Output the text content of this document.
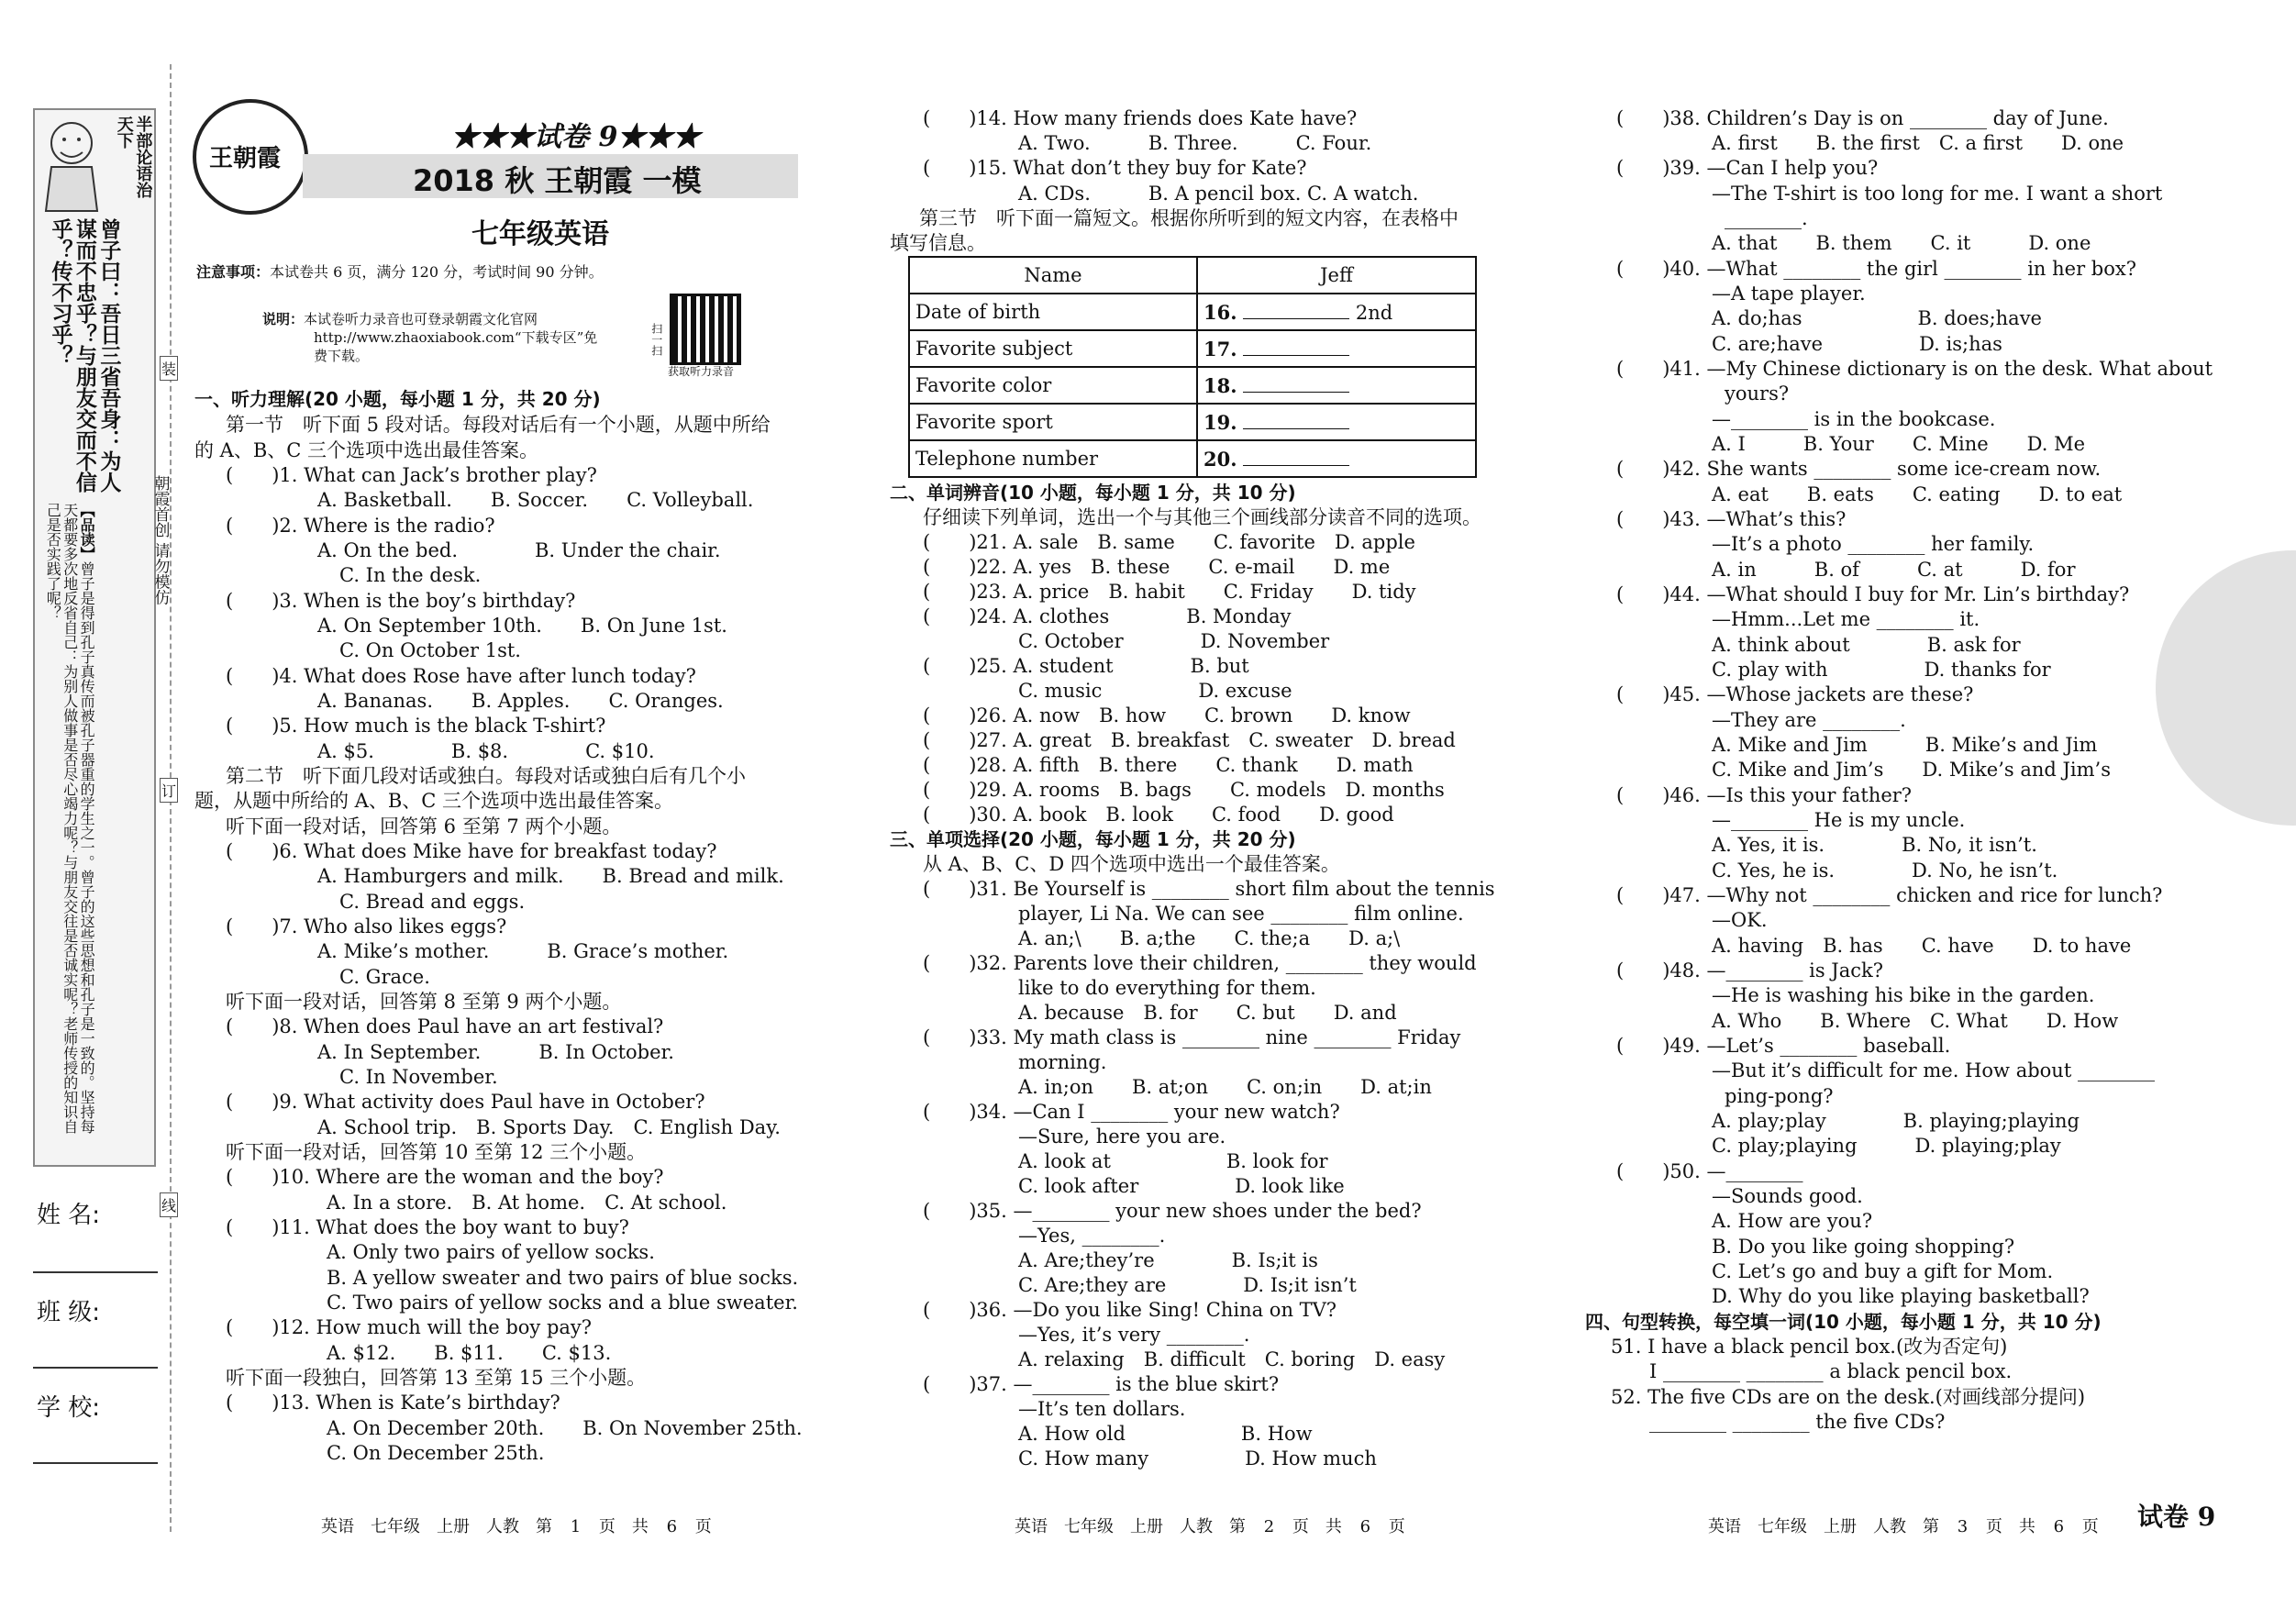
半部论语治天下
曾子曰：吾日三省吾身：为人谋而不忠乎？与朋友交而不信乎？传不习乎？
【品读】曾子是得到孔子真传而被孔子器重的学生之一。曾子的这些思想和孔子是一致的。坚持每天都要多次地反省自己：为别人做事是否尽心竭力呢？与朋友交往是否诚实呢？老师传授的知识自己是否实践了呢？
姓 名:
班 级:
学 校:
装
订
线
朝霞首创 请勿模仿
王朝霞
★★★试卷 9★★★
2018 秋 王朝霞 一模
七年级英语
注意事项：本试卷共 6 页，满分 120 分，考试时间 90 分钟。
说明：本试卷听力录音也可登录朝霞文化官网
http://www.zhaoxiabook.com“下载专区”免
费下载。	扫一扫
获取听力录音
一、听力理解(20 小题，每小题 1 分，共 20 分)
第一节　听下面 5 段对话。每段对话后有一个小题，从题中所给
的 A、B、C 三个选项中选出最佳答案。
(　　)1. What can Jack’s brother play?
A. Basketball.　　B. Soccer.　　C. Volleyball.
(　　)2. Where is the radio?
A. On the bed.　　　　B. Under the chair.
C. In the desk.
(　　)3. When is the boy’s birthday?
A. On September 10th.　　B. On June 1st.
C. On October 1st.
(　　)4. What does Rose have after lunch today?
A. Bananas.　　B. Apples.　　C. Oranges.
(　　)5. How much is the black T-shirt?
A. $5.　　　　B. $8.　　　　C. $10.
第二节　听下面几段对话或独白。每段对话或独白后有几个小
题，从题中所给的 A、B、C 三个选项中选出最佳答案。
听下面一段对话，回答第 6 至第 7 两个小题。
(　　)6. What does Mike have for breakfast today?
A. Hamburgers and milk.　　B. Bread and milk.
C. Bread and eggs.
(　　)7. Who also likes eggs?
A. Mike’s mother.　　　B. Grace’s mother.
C. Grace.
听下面一段对话，回答第 8 至第 9 两个小题。
(　　)8. When does Paul have an art festival?
A. In September.　　　B. In October.
C. In November.
(　　)9. What activity does Paul have in October?
A. School trip.　B. Sports Day.　C. English Day.
听下面一段对话，回答第 10 至第 12 三个小题。
(　　)10. Where are the woman and the boy?
A. In a store.　B. At home.　C. At school.
(　　)11. What does the boy want to buy?
A. Only two pairs of yellow socks.
B. A yellow sweater and two pairs of blue socks.
C. Two pairs of yellow socks and a blue sweater.
(　　)12. How much will the boy pay?
A. $12.　　B. $11.　　C. $13.
听下面一段独白，回答第 13 至第 15 三个小题。
(　　)13. When is Kate’s birthday?
A. On December 20th.　　B. On November 25th.
C. On December 25th.
(　　)14. How many friends does Kate have?
A. Two.　　　B. Three.　　　C. Four.
(　　)15. What don’t they buy for Kate?
A. CDs.　　　B. A pencil box. C. A watch.
第三节　听下面一篇短文。根据你所听到的短文内容，在表格中
填写信息。
Name	Jeff
Date of birth	16. 2nd
Favorite subject	17.
Favorite color	18.
Favorite sport	19.
Telephone number	20.
二、单词辨音(10 小题，每小题 1 分，共 10 分)
仔细读下列单词，选出一个与其他三个画线部分读音不同的选项。
(　　)21. A. sale　B. same　　C. favorite　D. apple
(　　)22. A. yes　B. these　　C. e-mail　　D. me
(　　)23. A. price　B. habit　　C. Friday　　D. tidy
(　　)24. A. clothes　　　　B. Monday
C. October　　　　D. November
(　　)25. A. student　　　　B. but
C. music　　　　　D. excuse
(　　)26. A. now　B. how　　C. brown　　D. know
(　　)27. A. great　B. breakfast　C. sweater　D. bread
(　　)28. A. fifth　B. there　　C. thank　　D. math
(　　)29. A. rooms　B. bags　　C. models　D. months
(　　)30. A. book　B. look　　C. food　　D. good
三、单项选择(20 小题，每小题 1 分，共 20 分)
从 A、B、C、D 四个选项中选出一个最佳答案。
(　　)31. Be Yourself is ________ short film about the tennis
player, Li Na. We can see ________ film online.
A. an;\　　B. a;the　　C. the;a　　D. a;\
(　　)32. Parents love their children, ________ they would
like to do everything for them.
A. because　B. for　　C. but　　D. and
(　　)33. My math class is ________ nine ________ Friday
morning.
A. in;on　　B. at;on　　C. on;in　　D. at;in
(　　)34. —Can I ________ your new watch?
—Sure, here you are.
A. look at　　　　　　B. look for
C. look after　　　　　D. look like
(　　)35. —________ your new shoes under the bed?
—Yes, ________.
A. Are;they’re　　　　B. Is;it is
C. Are;they are　　　　D. Is;it isn’t
(　　)36. —Do you like Sing! China on TV?
—Yes, it’s very ________.
A. relaxing　B. difficult　C. boring　D. easy
(　　)37. —________ is the blue skirt?
—It’s ten dollars.
A. How old　　　　　　B. How
C. How many　　　　　D. How much
(　　)38. Children’s Day is on ________ day of June.
A. first　　B. the first　C. a first　　D. one
(　　)39. —Can I help you?
—The T-shirt is too long for me. I want a short
________.
A. that　　B. them　　C. it　　　D. one
(　　)40. —What ________ the girl ________ in her box?
—A tape player.
A. do;has　　　　　　B. does;have
C. are;have　　　　　D. is;has
(　　)41. —My Chinese dictionary is on the desk. What about
yours?
—________ is in the bookcase.
A. I　　　B. Your　　C. Mine　　D. Me
(　　)42. She wants ________ some ice-cream now.
A. eat　　B. eats　　C. eating　　D. to eat
(　　)43. —What’s this?
—It’s a photo ________ her family.
A. in　　　B. of　　　C. at　　　D. for
(　　)44. —What should I buy for Mr. Lin’s birthday?
—Hmm...Let me ________ it.
A. think about　　　　B. ask for
C. play with　　　　　D. thanks for
(　　)45. —Whose jackets are these?
—They are ________.
A. Mike and Jim　　　B. Mike’s and Jim
C. Mike and Jim’s　　D. Mike’s and Jim’s
(　　)46. —Is this your father?
—________ He is my uncle.
A. Yes, it is.　　　　B. No, it isn’t.
C. Yes, he is.　　　　D. No, he isn’t.
(　　)47. —Why not ________ chicken and rice for lunch?
—OK.
A. having　B. has　　C. have　　D. to have
(　　)48. —________ is Jack?
—He is washing his bike in the garden.
A. Who　　B. Where　C. What　　D. How
(　　)49. —Let’s ________ baseball.
—But it’s difficult for me. How about ________
ping-pong?
A. play;play　　　　B. playing;playing
C. play;playing　　　D. playing;play
(　　)50. —________
—Sounds good.
A. How are you?
B. Do you like going shopping?
C. Let’s go and buy a gift for Mom.
D. Why do you like playing basketball?
四、句型转换，每空填一词(10 小题，每小题 1 分，共 10 分)
51. I have a black pencil box.(改为否定句)
I ________ ________ a black pencil box.
52. The five CDs are on the desk.(对画线部分提问)
________ ________ the five CDs?
英语　七年级　上册　人教　第 1 页　共 6 页	英语　七年级　上册　人教　第 2 页　共 6 页	英语　七年级　上册　人教　第 3 页　共 6 页 试卷 9
